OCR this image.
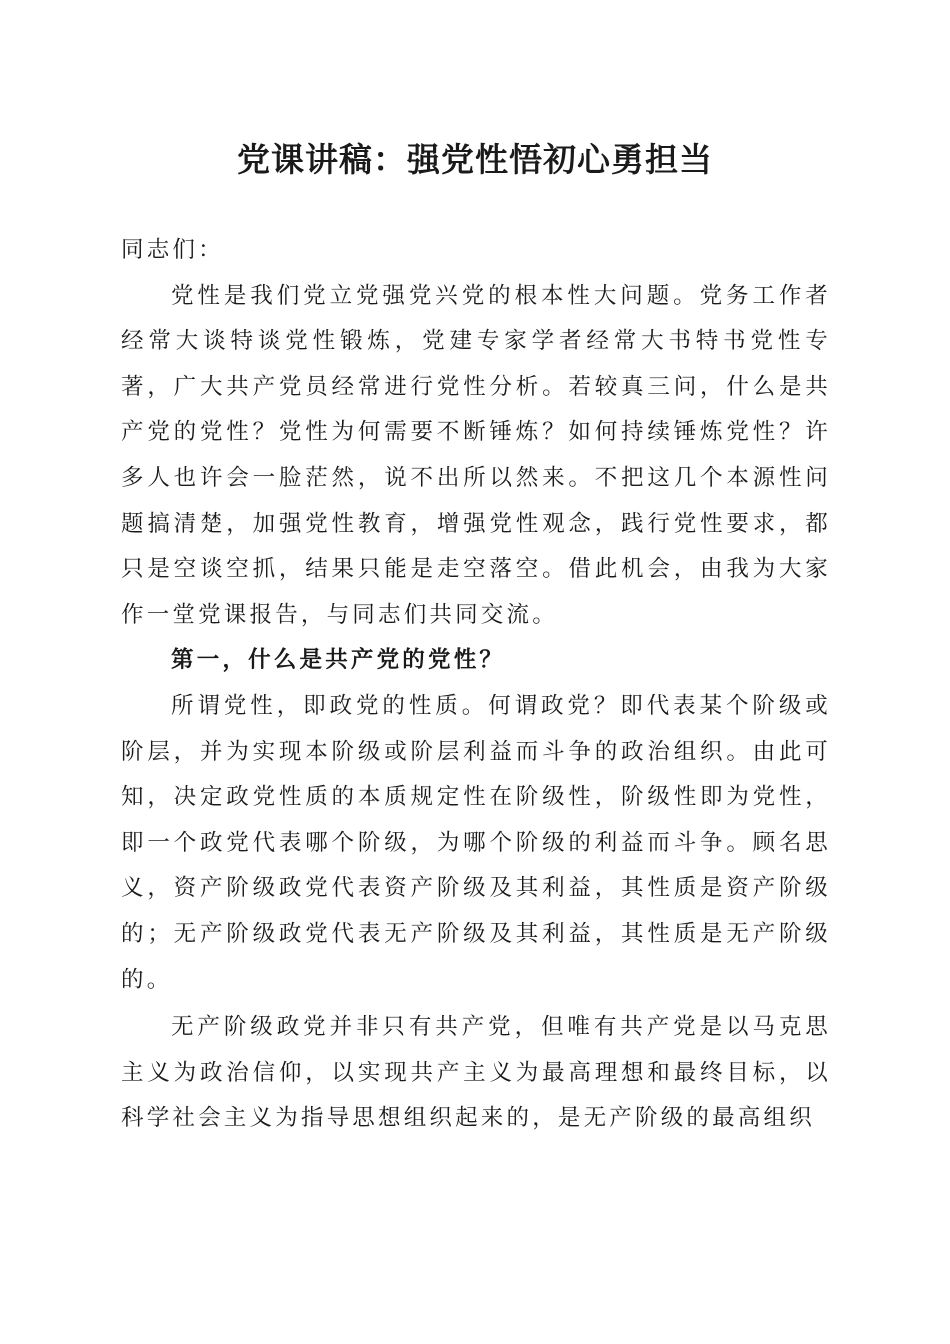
党课讲稿：强党性悟初心勇担当

同志们：

党性是我们党立党强党兴党的根本性大问题。党务工作者经常大谈特谈党性锻炼，党建专家学者经常大书特书党性专著，广大共产党员经常进行党性分析。若较真三问，什么是共产党的党性？党性为何需要不断锤炼？如何持续锤炼党性？许多人也许会一脸茫然，说不出所以然来。不把这几个本源性问题搞清楚，加强党性教育，增强党性观念，践行党性要求，都只是空谈空抓，结果只能是走空落空。借此机会，由我为大家作一堂党课报告，与同志们共同交流。

第一，什么是共产党的党性？

所谓党性，即政党的性质。何谓政党？即代表某个阶级或阶层，并为实现本阶级或阶层利益而斗争的政治组织。由此可知，决定政党性质的本质规定性在阶级性，阶级性即为党性，即一个政党代表哪个阶级，为哪个阶级的利益而斗争。顾名思义，资产阶级政党代表资产阶级及其利益，其性质是资产阶级的；无产阶级政党代表无产阶级及其利益，其性质是无产阶级的。

无产阶级政党并非只有共产党，但唯有共产党是以马克思主义为政治信仰，以实现共产主义为最高理想和最终目标，以科学社会主义为指导思想组织起来的，是无产阶级的最高组织
